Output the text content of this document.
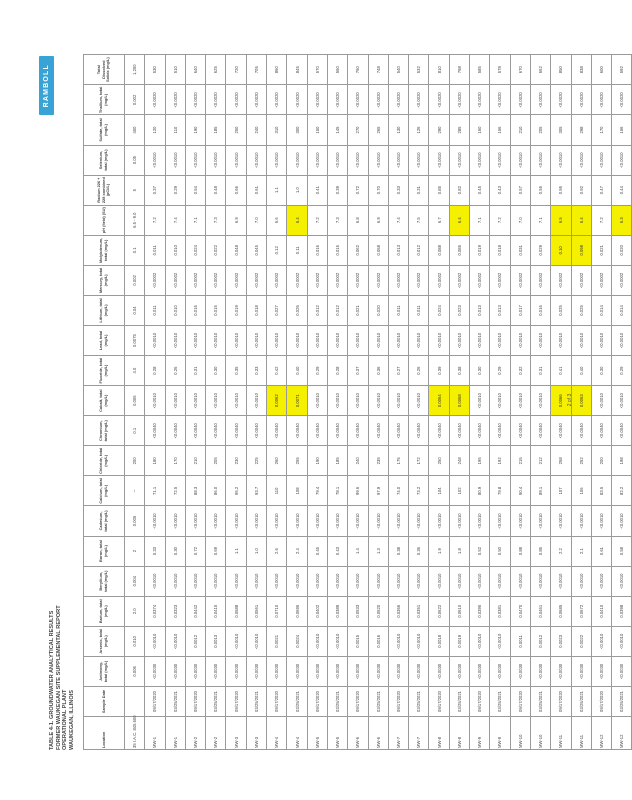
TABLE 4-1. GROUNDWATER ANALYTICAL RESULTS FORMER WAUKEGAN SITE SUPPLEMENTAL REPORT OPERATIONAL PLANT WAUKEGAN, ILLINOIS
RAMBOLL
Location	Sample Date	Antimony, total (mg/L)	Arsenic, total (mg/L)	Barium, total (mg/L)	Beryllium, total (mg/L)	Boron, total (mg/L)	Cadmium, total (mg/L)	Calcium, total (mg/L)	Chloride, total (mg/L)	Chromium, total (mg/L)	Cobalt, total (mg/L)	Fluoride, total (mg/L)	Lead, total (mg/L)	Lithium, total (mg/L)	Mercury, total (mg/L)	Molybdenum, total (mg/L)	pH (field) (SU)	Radium 226 + 228 combined (pCi/L)	Selenium, total (mg/L)	Sulfate, total (mg/L)	Thallium, total (mg/L)	Total Dissolved Solids (mg/L)
35 I.A.C. 845.600		0.006	0.010	2.0	0.004	2	0.005	--	200	0.1	0.006	4.0	0.0075	0.04	0.002	0.1	6.5 - 9.0	5	0.05	400	0.002	1,200
MW-1	09/17/2020	<0.0030	<0.0010	0.0374	<0.0010	0.33	<0.0010	71.1	180	<0.0040	<0.0010	0.28	<0.0010	0.011	<0.0002	0.011	7.2	0.37	<0.0010	120	<0.0020	530
MW-1	03/25/2021	<0.0030	<0.0010	0.0323	<0.0010	0.30	<0.0010	72.5	170	<0.0040	<0.0010	0.26	<0.0010	0.010	<0.0002	0.010	7.4	0.29	<0.0010	110	<0.0020	510
MW-2	09/17/2020	<0.0030	0.0012	0.0442	<0.0010	0.72	<0.0010	88.3	210	<0.0040	<0.0010	0.31	<0.0010	0.016	<0.0002	0.024	7.1	0.54	<0.0010	190	<0.0020	640
MW-2	03/25/2021	<0.0030	0.0013	0.0415	<0.0010	0.69	<0.0010	86.0	205	<0.0040	<0.0010	0.30	<0.0010	0.015	<0.0002	0.022	7.3	0.48	<0.0010	185	<0.0020	625
MW-3	09/17/2020	<0.0030	<0.0010	0.0588	<0.0010	1.1	<0.0010	95.2	230	<0.0040	<0.0010	0.35	<0.0010	0.019	<0.0002	0.048	6.9	0.66	<0.0010	250	<0.0020	720
MW-3	03/25/2021	<0.0030	<0.0010	0.0561	<0.0010	1.0	<0.0010	93.7	225	<0.0040	<0.0010	0.33	<0.0010	0.018	<0.0002	0.045	7.0	0.61	<0.0010	240	<0.0020	705
MW-4	09/17/2020	<0.0030	0.0021	0.0710	<0.0010	2.6	<0.0010	110	260	<0.0040	0.0062	0.42	<0.0010	0.027	<0.0002	0.12	6.6	1.1	<0.0010	310	<0.0020	860
MW-4	03/25/2021	<0.0030	0.0024	0.0695	<0.0010	2.4	<0.0010	108	255	<0.0040	0.0071	0.40	<0.0010	0.026	<0.0002	0.11	6.4	1.0	<0.0010	300	<0.0020	845
MW-5	09/17/2020	<0.0030	<0.0010	0.0402	<0.0010	0.45	<0.0010	79.4	190	<0.0040	<0.0010	0.29	<0.0010	0.012	<0.0002	0.016	7.2	0.41	<0.0010	150	<0.0020	570
MW-5	03/25/2021	<0.0030	<0.0010	0.0389	<0.0010	0.43	<0.0010	78.1	185	<0.0040	<0.0010	0.28	<0.0010	0.012	<0.0002	0.015	7.3	0.39	<0.0010	145	<0.0020	560
MW-6	09/17/2020	<0.0030	0.0015	0.0533	<0.0010	1.4	<0.0010	99.6	240	<0.0040	<0.0010	0.37	<0.0010	0.021	<0.0002	0.062	6.8	0.72	<0.0010	270	<0.0020	760
MW-6	03/25/2021	<0.0030	0.0016	0.0520	<0.0010	1.3	<0.0010	97.9	235	<0.0040	<0.0010	0.36	<0.0010	0.020	<0.0002	0.058	6.9	0.70	<0.0010	265	<0.0020	748
MW-7	09/17/2020	<0.0030	<0.0010	0.0366	<0.0010	0.38	<0.0010	74.0	175	<0.0040	<0.0010	0.27	<0.0010	0.011	<0.0002	0.013	7.4	0.33	<0.0010	130	<0.0020	540
MW-7	03/25/2021	<0.0030	<0.0010	0.0351	<0.0010	0.36	<0.0010	73.2	172	<0.0040	<0.0010	0.26	<0.0010	0.011	<0.0002	0.012	7.5	0.31	<0.0010	126	<0.0020	532
MW-8	09/17/2020	<0.0030	0.0018	0.0622	<0.0010	1.9	<0.0010	104	250	<0.0040	0.0064	0.39	<0.0010	0.024	<0.0002	0.088	6.7	0.85	<0.0010	290	<0.0020	810
MW-8	03/25/2021	<0.0030	0.0019	0.0610	<0.0010	1.8	<0.0010	102	248	<0.0040	0.0068	0.38	<0.0010	0.023	<0.0002	0.085	6.4	0.82	<0.0010	285	<0.0020	798
MW-9	09/17/2020	<0.0030	<0.0010	0.0395	<0.0010	0.52	<0.0010	80.9	195	<0.0040	<0.0010	0.30	<0.0010	0.013	<0.0002	0.019	7.1	0.45	<0.0010	160	<0.0020	585
MW-9	03/25/2021	<0.0030	<0.0010	0.0381	<0.0010	0.50	<0.0010	79.8	192	<0.0040	<0.0010	0.29	<0.0010	0.013	<0.0002	0.018	7.2	0.43	<0.0010	156	<0.0020	578
MW-10	09/17/2020	<0.0030	0.0011	0.0470	<0.0010	0.88	<0.0010	90.4	215	<0.0040	<0.0010	0.32	<0.0010	0.017	<0.0002	0.031	7.0	0.57	<0.0010	210	<0.0020	670
MW-10	03/25/2021	<0.0030	0.0012	0.0461	<0.0010	0.85	<0.0010	89.1	212	<0.0040	<0.0010	0.31	<0.0010	0.016	<0.0002	0.029	7.1	0.55	<0.0010	205	<0.0020	662
MW-11	09/17/2020	<0.0030	0.0023	0.0685	<0.0010	2.2	<0.0010	107	258	<0.0040	0.0066	0.41	<0.0010	0.025	<0.0002	0.10	6.5	0.95	<0.0010	305	<0.0020	850
MW-11	03/25/2021	<0.0030	0.0022	0.0672	<0.0010	2.1	<0.0010	106	252	<0.0040	0.0063	0.40	<0.0010	0.025	<0.0002	0.098	6.4	0.92	<0.0010	298	<0.0020	838
MW-12	09/17/2020	<0.0030	<0.0010	0.0410	<0.0010	0.61	<0.0010	83.5	200	<0.0040	<0.0010	0.30	<0.0010	0.014	<0.0002	0.021	7.2	0.47	<0.0010	170	<0.0020	600
MW-12	03/25/2021	<0.0030	<0.0010	0.0398	<0.0010	0.58	<0.0010	82.2	198	<0.0040	<0.0010	0.29	<0.0010	0.014	<0.0002	0.020	6.3	0.44	<0.0010	166	<0.0020	592
2 of 3
